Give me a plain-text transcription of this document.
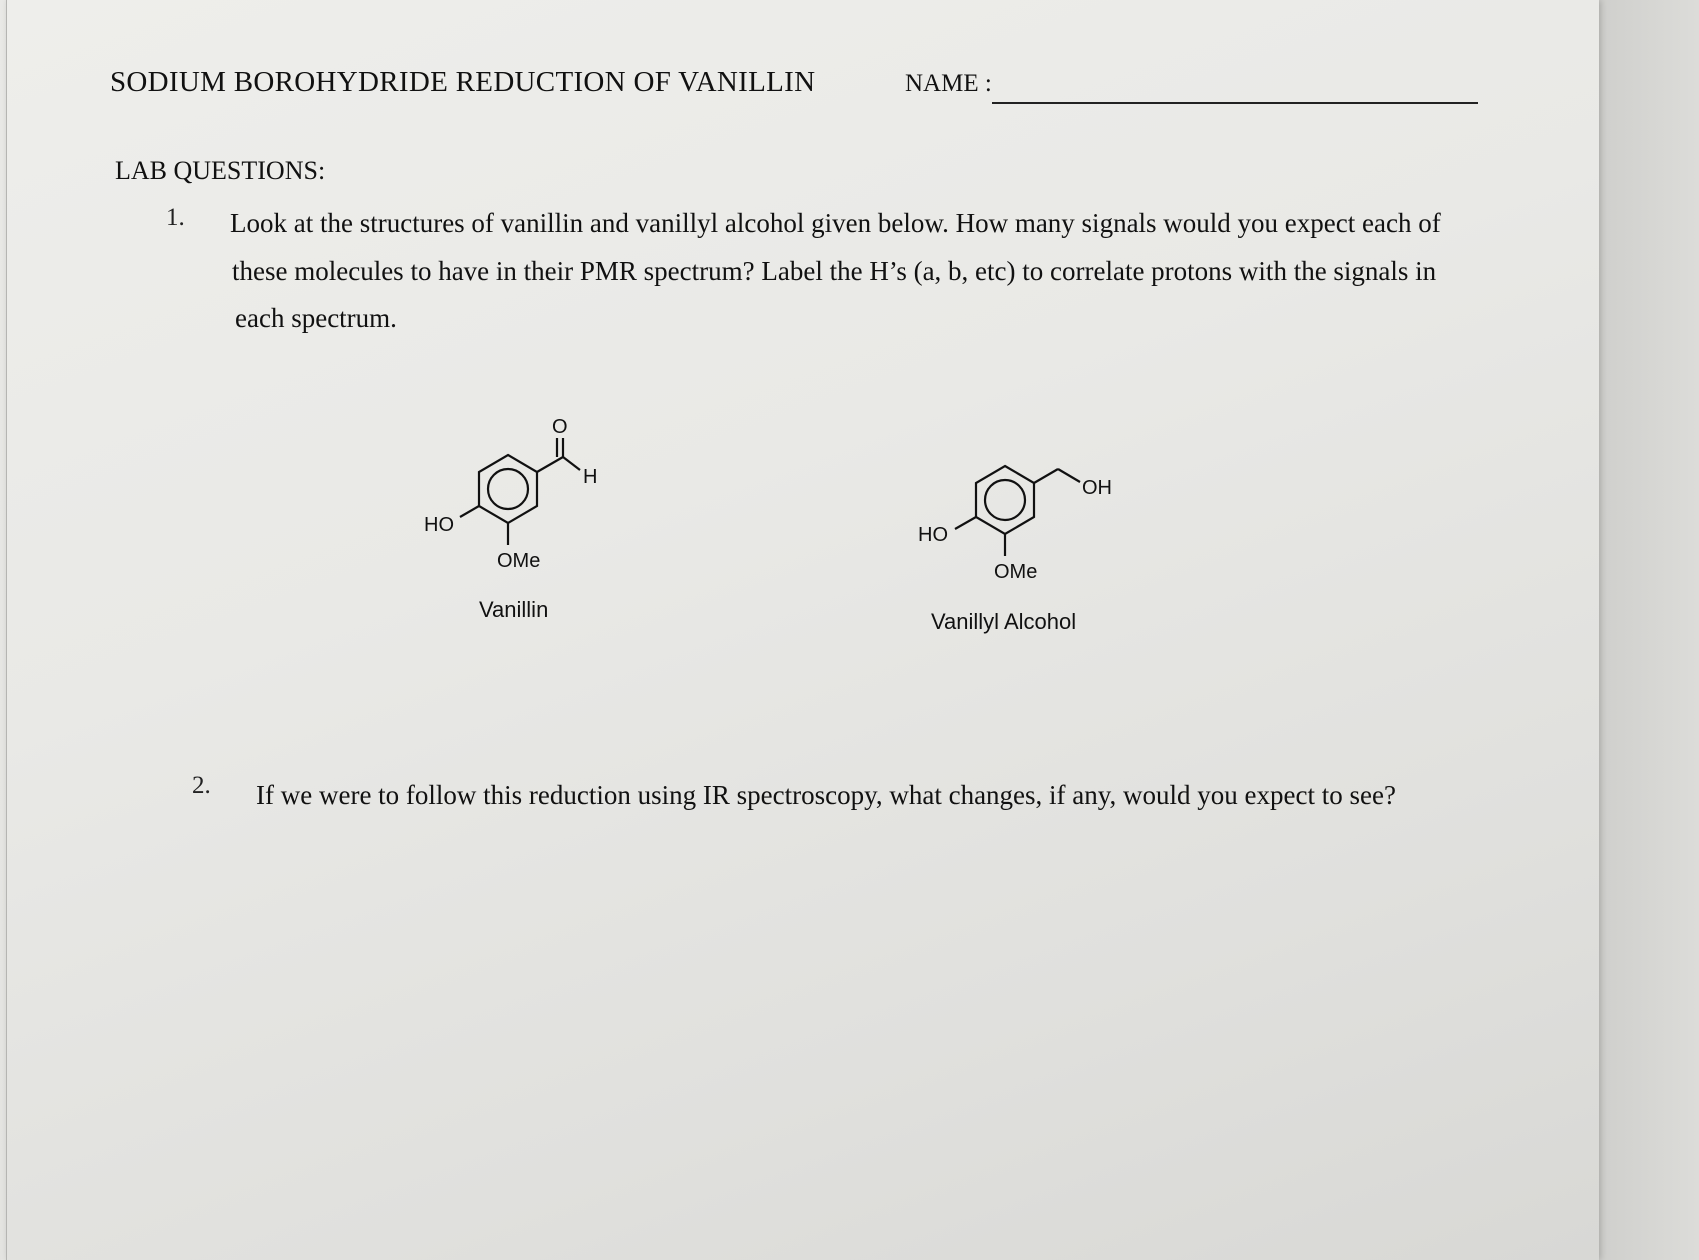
SODIUM BOROHYDRIDE REDUCTION OF VANILLIN	NAME :
LAB QUESTIONS:
1. Look at the structures of vanillin and vanillyl alcohol given below. How many signals would you expect each of
these molecules to have in their PMR spectrum? Label the H’s (a, b, etc) to correlate protons with the signals in
each spectrum.
O
H
HO
OMe
OH
HO
OMe
Vanillin	Vanillyl Alcohol
2. If we were to follow this reduction using IR spectroscopy, what changes, if any, would you expect to see?
